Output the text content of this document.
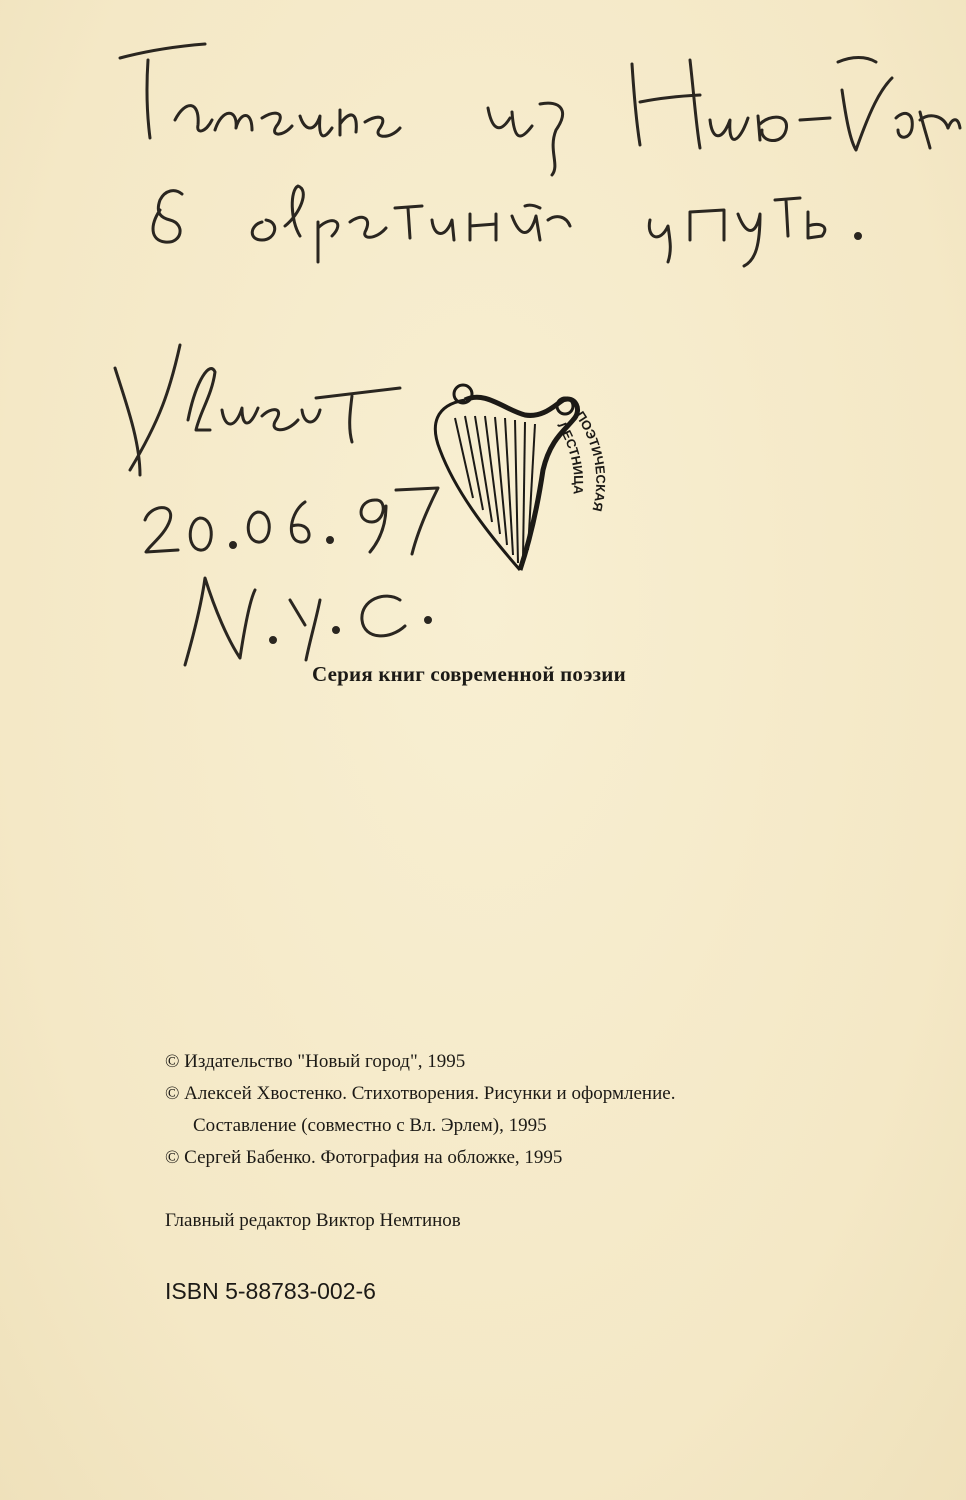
ПОЭТИЧЕСКАЯ
ЛЕСТНИЦА
Серия книг современной поэзии
© Издательство "Новый город", 1995
© Алексей Хвостенко. Стихотворения. Рисунки и оформление.
Составление (совместно с Вл. Эрлем), 1995
© Сергей Бабенко. Фотография на обложке, 1995
Главный редактор Виктор Немтинов
ISBN 5-88783-002-6
